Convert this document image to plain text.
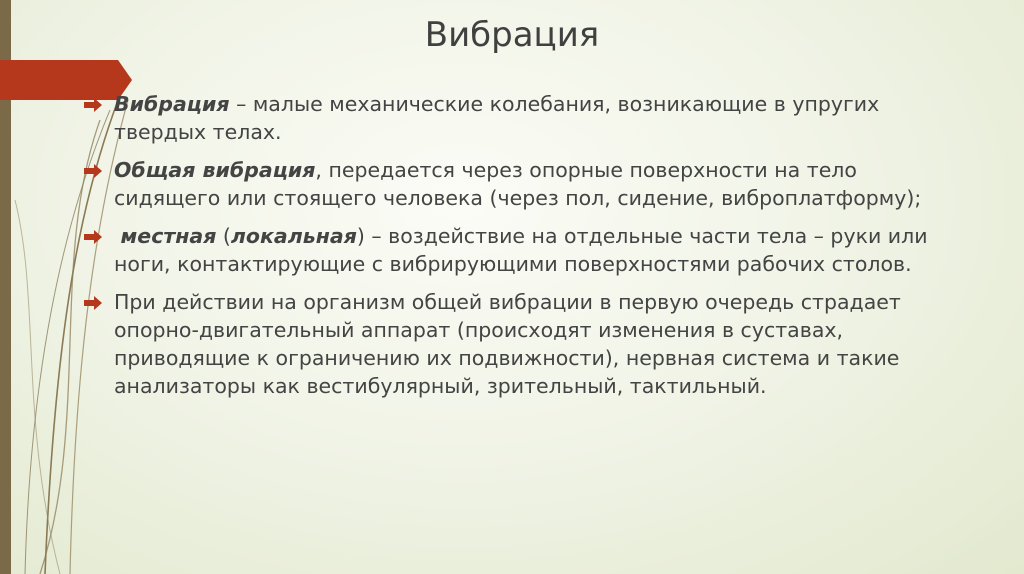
Вибрация
Вибрация – малые механические колебания, возникающие в упругих твердых телах.
Общая вибрация, передается через опорные поверхности на тело сидящего или стоящего человека (через пол, сидение, виброплатформу);
местная (локальная) – воздействие на отдельные части тела – руки или ноги, контактирующие с вибрирующими поверхностями рабочих столов.
При действии на организм общей вибрации в первую очередь страдает опорно-двигательный аппарат (происходят изменения в суставах, приводящие к ограничению их подвижности), нервная система и такие анализаторы как вестибулярный, зрительный, тактильный.
